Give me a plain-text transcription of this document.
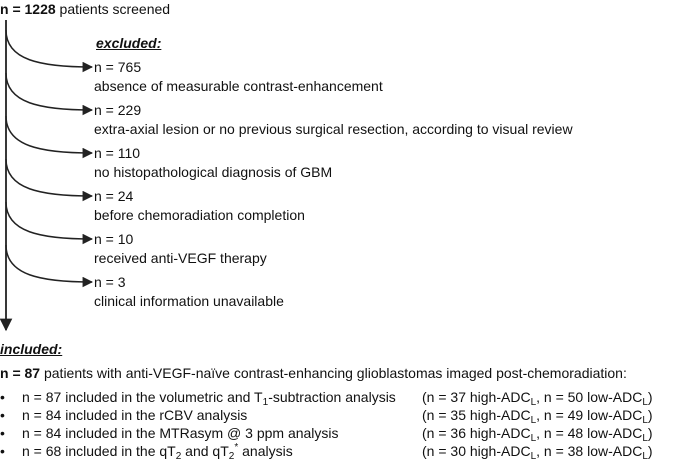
n = 1228 patients screened
excluded:
n = 765
absence of measurable contrast-enhancement
n = 229
extra-axial lesion or no previous surgical resection, according to visual review
n = 110
no histopathological diagnosis of GBM
n = 24
before chemoradiation completion
n = 10
received anti-VEGF therapy
n = 3
clinical information unavailable
included:
n = 87 patients with anti-VEGF-naïve contrast-enhancing glioblastomas imaged post-chemoradiation:
• n = 87 included in the volumetric and $T_1$-subtraction analysis (n = 37 high-$ADC_L$, n = 50 low-$ADC_L$)
• n = 84 included in the rCBV analysis	(n = 35 high-$ADC_L$, n = 49 low-$ADC_L$)
• n = 84 included in the MTRasym @ 3 ppm analysis	(n = 36 high-$ADC_L$, n = 48 low-$ADC_L$)
• n = 68 included in the $qT_2$ and $qT_2^*$ analysis	(n = 30 high-$ADC_L$, n = 38 low-$ADC_L$)
